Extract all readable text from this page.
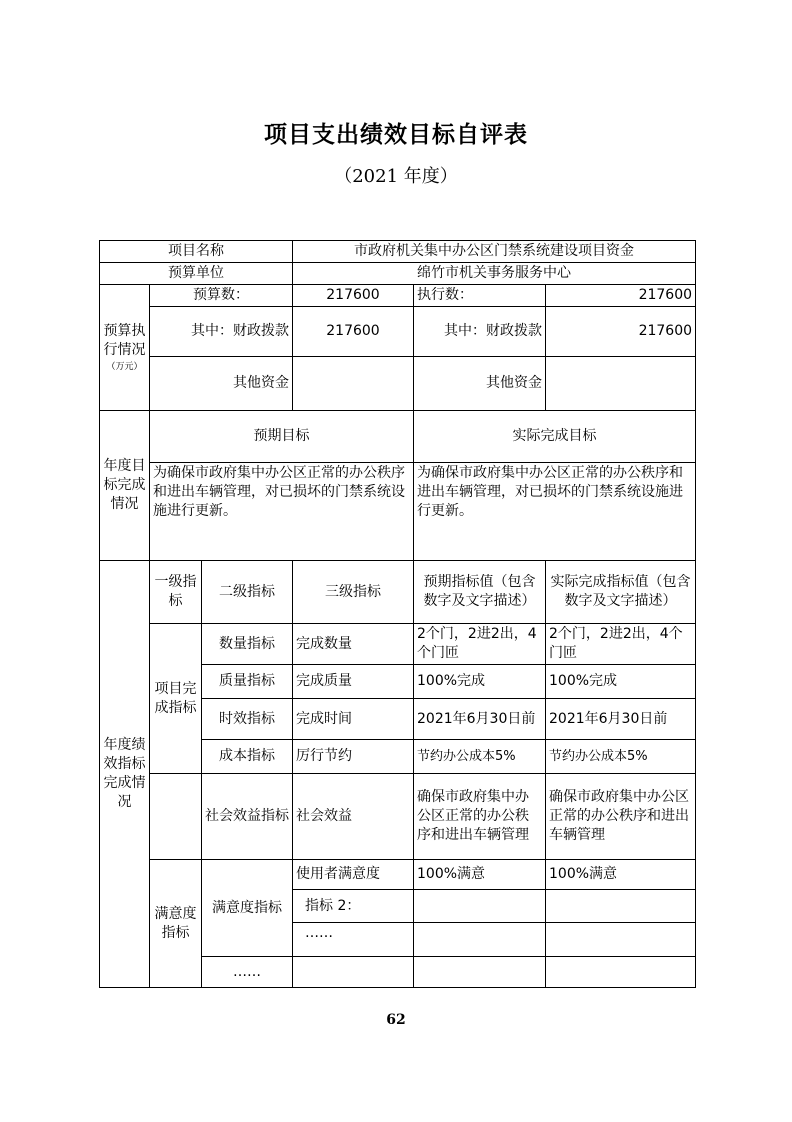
项目支出绩效目标自评表
（2021 年度）
项目名称			市政府机关集中办公区门禁系统建设项目资金		
预算单位			绵竹市机关事务服务中心		

预算执行情况
（万元）	预算数：		217600	执行数：	217600
	其中：财政拨款		217600	其中：财政拨款	217600
	其他资金			其他资金	
年度目标完成情况	预期目标			实际完成目标	
	为确保市政府集中办公区正常的办公秩序和进出车辆管理，对已损坏的门禁系统设施进行更新。			为确保市政府集中办公区正常的办公秩序和进出车辆管理，对已损坏的门禁系统设施进行更新。	
年度绩效指标完成情况	一级指标	二级指标	三级指标	预期指标值（包含数字及文字描述）	实际完成指标值（包含数字及文字描述）
	项目完成指标	数量指标	完成数量	2个门，2进2出，4个门匝	2个门，2进2出，4个门匝
		质量指标	完成质量	100%完成	100%完成
		时效指标	完成时间	2021年6月30日前	2021年6月30日前
		成本指标	厉行节约	节约办公成本5%	节约办公成本5%
		社会效益指标	社会效益	确保市政府集中办公区正常的办公秩序和进出车辆管理	确保市政府集中办公区正常的办公秩序和进出车辆管理
	满意度指标	满意度指标	使用者满意度	100%满意	100%满意
			指标 2：		
			……		
		……			
62
